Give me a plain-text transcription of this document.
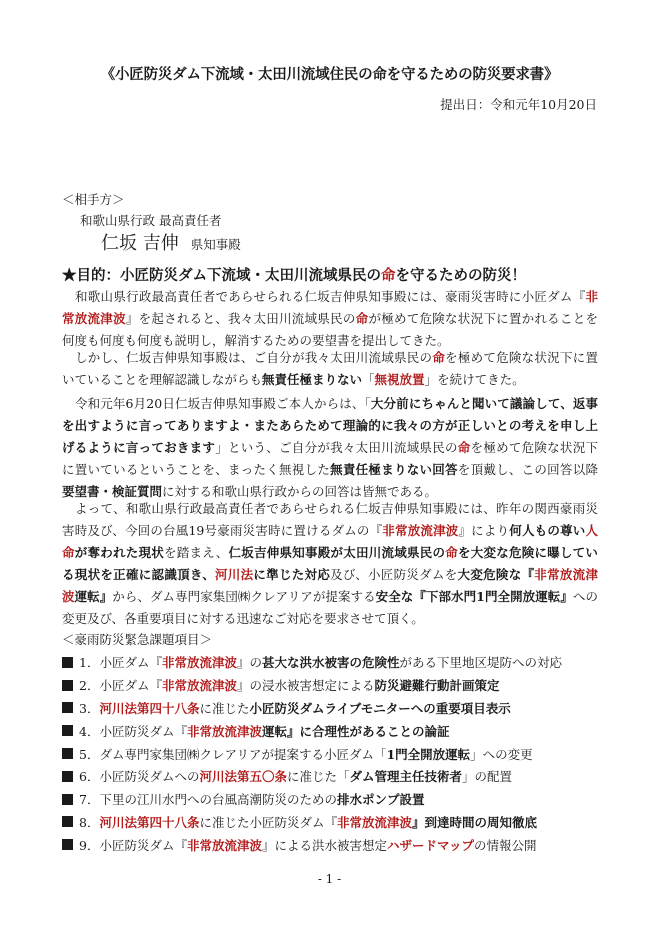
《小匠防災ダム下流域・太田川流域住民の命を守るための防災要求書》
提出日：令和元年10月20日
＜相手方＞
和歌山県行政 最高責任者
仁坂 吉伸 県知事殿
★目的：小匠防災ダム下流域・太田川流域県民の命を守るための防災！
和歌山県行政最高責任者であらせられる仁坂吉伸県知事殿には、豪雨災害時に小匠ダム『非常放流津波』を起されると、我々太田川流域県民の命が極めて危険な状況下に置かれることを何度も何度も何度も説明し，解消するための要望書を提出してきた。
しかし、仁坂吉伸県知事殿は、ご自分が我々太田川流域県民の命を極めて危険な状況下に置いていることを理解認識しながらも無責任極まりない「無視放置」を続けてきた。
令和元年6月20日仁坂吉伸県知事殿ご本人からは、「大分前にちゃんと聞いて議論して、返事を出すように言ってありますよ・またあらためて理論的に我々の方が正しいとの考えを申し上げるように言っておきます」という、ご自分が我々太田川流域県民の命を極めて危険な状況下に置いているということを、まったく無視した無責任極まりない回答を頂戴し、この回答以降要望書・検証質問に対する和歌山県行政からの回答は皆無である。
よって、和歌山県行政最高責任者であらせられる仁坂吉伸県知事殿には、昨年の関西豪雨災害時及び、今回の台風19号豪雨災害時に置けるダムの『非常放流津波』により何人もの尊い人命が奪われた現状を踏まえ、仁坂吉伸県知事殿が太田川流域県民の命を大変な危険に曝している現状を正確に認識頂き、河川法に準じた対応及び、小匠防災ダムを大変危険な『非常放流津波運転』から、ダム専門家集団㈱クレアリアが提案する安全な『下部水門1門全開放運転』への変更及び、各重要項目に対する迅速なご対応を要求させて頂く。
＜豪雨防災緊急課題項目＞
1． 小匠ダム『 非常放流津波 』の 甚大な洪水被害の危険性 がある下里地区堤防への対応
2． 小匠ダム『 非常放流津波 』の浸水被害想定による 防災避難行動計画策定
3． 河川法第四十八条 に准じた 小匠防災ダムライブモニターへの重要項目表示
4． 小匠防災ダム『 非常放流津波 運転』に合理性があることの論証
5． ダム専門家集団㈱クレアリアが提案する小匠ダム「 1門全開放運転 」への変更
6． 小匠防災ダムへの 河川法第五〇条 に准じた「 ダム管理主任技術者 」の配置
7． 下里の江川水門への台風高潮防災のための 排水ポンプ設置
8． 河川法第四十八条 に准じた小匠防災ダム『 非常放流津波 』到達時間の周知徹底
9． 小匠防災ダム『 非常放流津波 』による洪水被害想定 ハザードマップ の情報公開
- 1 -
